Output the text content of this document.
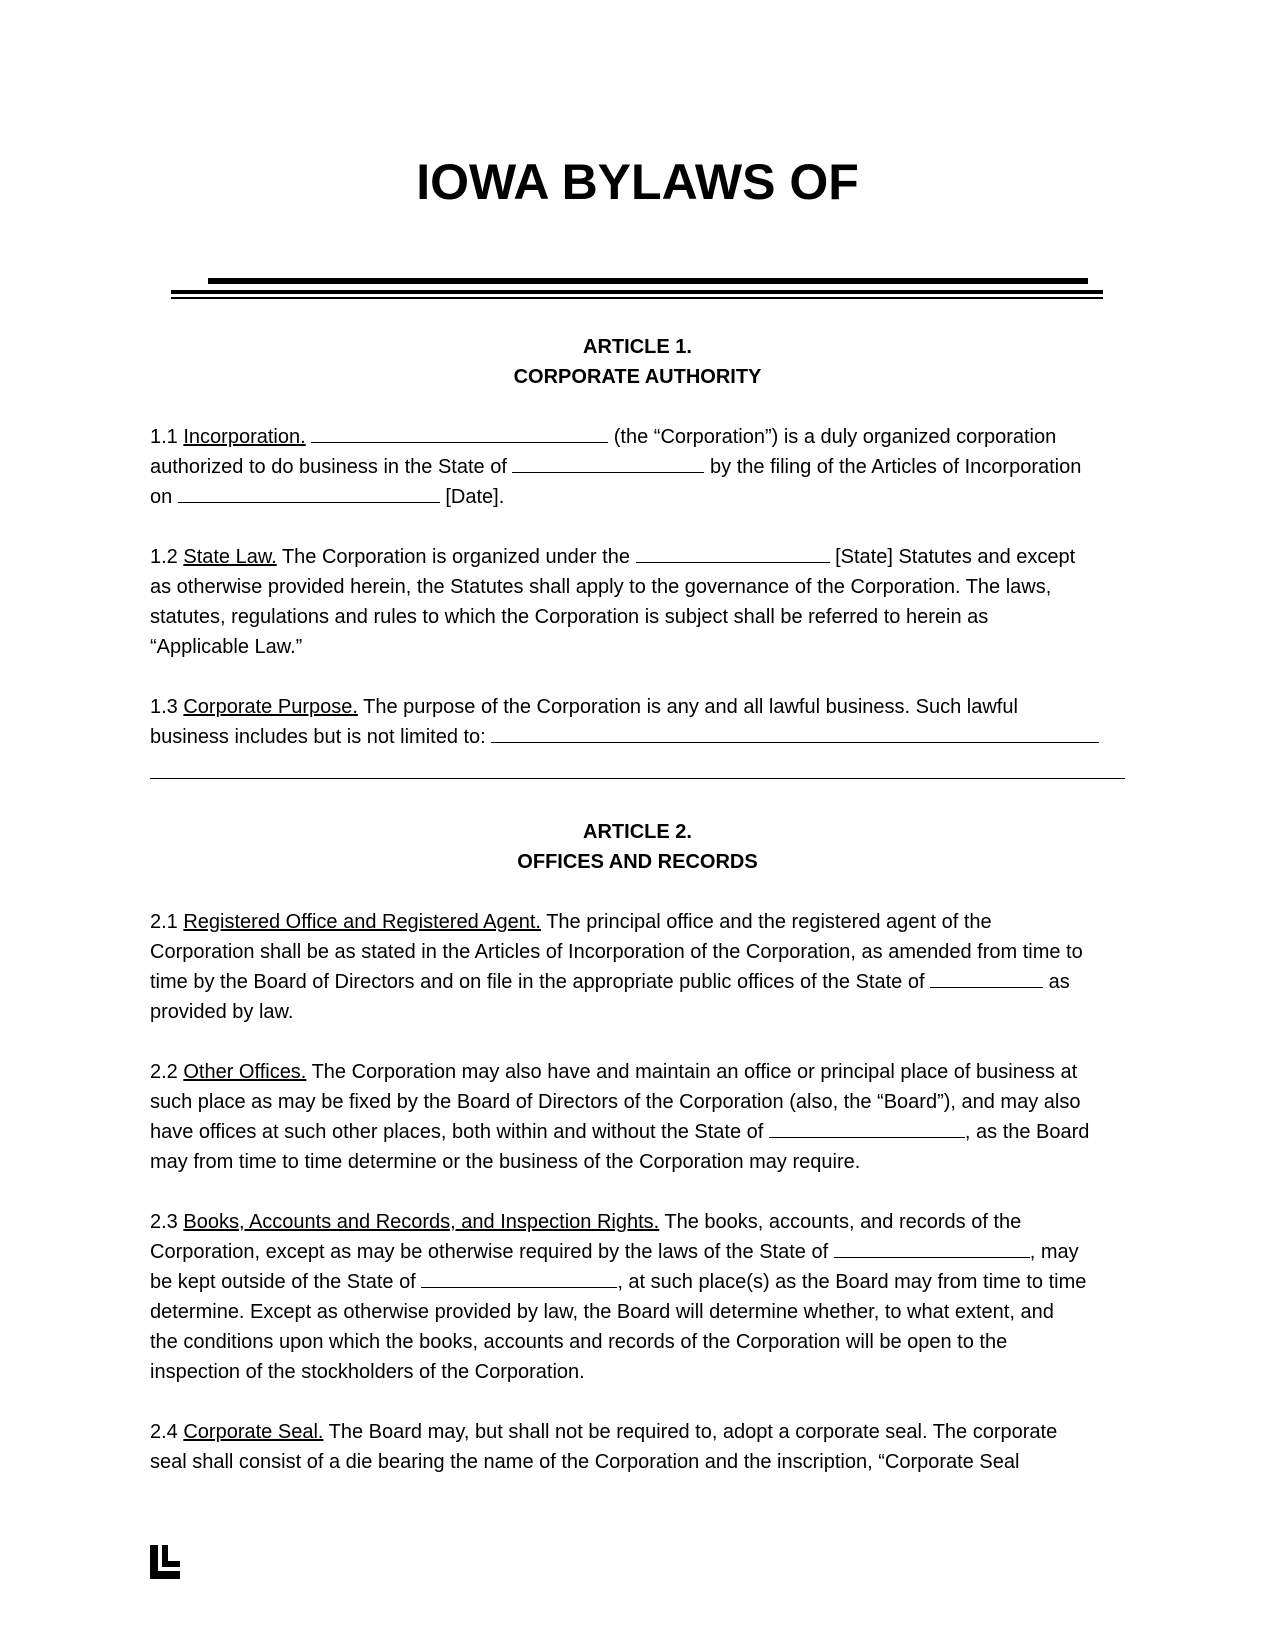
IOWA BYLAWS OF
ARTICLE 1.
CORPORATE AUTHORITY
1.1 Incorporation.	(the “Corporation”) is a duly organized corporation
authorized to do business in the State of	by the filing of the Articles of Incorporation
on	[Date].
1.2 State Law. The Corporation is organized under the	[State] Statutes and except
as otherwise provided herein, the Statutes shall apply to the governance of the Corporation. The laws,
statutes, regulations and rules to which the Corporation is subject shall be referred to herein as
“Applicable Law.”
1.3 Corporate Purpose. The purpose of the Corporation is any and all lawful business. Such lawful
business includes but is not limited to:
ARTICLE 2.
OFFICES AND RECORDS
2.1 Registered Office and Registered Agent. The principal office and the registered agent of the
Corporation shall be as stated in the Articles of Incorporation of the Corporation, as amended from time to
time by the Board of Directors and on file in the appropriate public offices of the State of	as
provided by law.
2.2 Other Offices. The Corporation may also have and maintain an office or principal place of business at
such place as may be fixed by the Board of Directors of the Corporation (also, the “Board”), and may also
have offices at such other places, both within and without the State of	, as the Board
may from time to time determine or the business of the Corporation may require.
2.3 Books, Accounts and Records, and Inspection Rights. The books, accounts, and records of the
Corporation, except as may be otherwise required by the laws of the State of	, may
be kept outside of the State of	, at such place(s) as the Board may from time to time
determine. Except as otherwise provided by law, the Board will determine whether, to what extent, and
the conditions upon which the books, accounts and records of the Corporation will be open to the
inspection of the stockholders of the Corporation.
2.4 Corporate Seal. The Board may, but shall not be required to, adopt a corporate seal. The corporate
seal shall consist of a die bearing the name of the Corporation and the inscription, “Corporate Seal
